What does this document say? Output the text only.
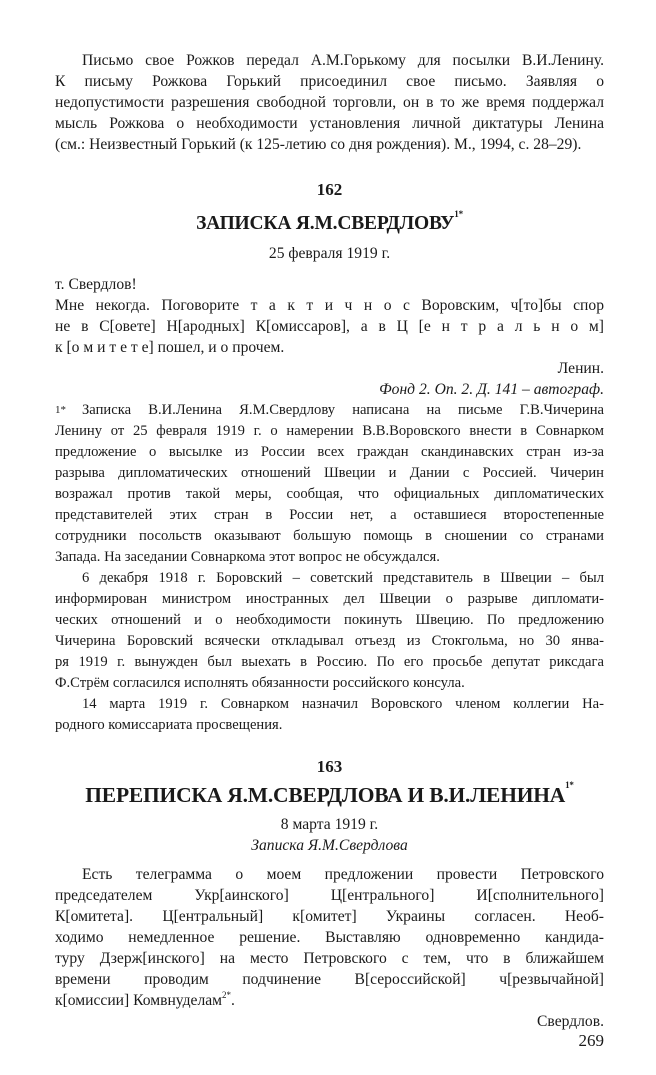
Письмо свое Рожков передал А.М.Горькому для посылки В.И.Ленину.
К письму Рожкова Горький присоединил свое письмо. Заявляя о
недопустимости разрешения свободной торговли, он в то же время поддержал
мысль Рожкова о необходимости установления личной диктатуры Ленина
(см.: Неизвестный Горький (к 125-летию со дня рождения). М., 1994, с. 28–29).
162
ЗАПИСКА $Я.М.СВЕРДЛОВУ^{1*}$
25 февраля 1919 г.
т. Свердлов!
Мне некогда. Поговорите т а к т и ч н о с Воровским, ч[то]бы спор
не в С[овете] Н[ародных] К[омиссаров], а в Ц [е н т р а л ь н о м]
к [о м и т е т е] пошел, и о прочем.
Ленин.
Фонд 2. Оп. 2. Д. 141 – автограф.
1*	Записка В.И.Ленина Я.М.Свердлову написана на письме Г.В.Чичерина
Ленину от 25 февраля 1919 г. о намерении В.В.Воровского внести в Совнарком
предложение о высылке из России всех граждан скандинавских стран из-за
разрыва дипломатических отношений Швеции и Дании с Россией. Чичерин
возражал против такой меры, сообщая, что официальных дипломатических
представителей этих стран в России нет, а оставшиеся второстепенные
сотрудники посольств оказывают большую помощь в сношении со странами
Запада. На заседании Совнаркома этот вопрос не обсуждался.
6 декабря 1918 г. Боровский – советский представитель в Швеции – был
информирован министром иностранных дел Швеции о разрыве дипломати-
ческих отношений и о необходимости покинуть Швецию. По предложению
Чичерина Боровский всячески откладывал отъезд из Стокгольма, но 30 янва-
ря 1919 г. вынужден был выехать в Россию. По его просьбе депутат риксдага
Ф.Стрём согласился исполнять обязанности российского консула.
14 марта 1919 г. Совнарком назначил Воровского членом коллегии На-
родного комиссариата просвещения.
163
ПЕРЕПИСКА Я.М.СВЕРДЛОВА И $В.И.ЛЕНИНА^{1*}$
8 марта 1919 г.
Записка Я.М.Свердлова
Есть телеграмма о моем предложении провести Петровского
председателем Укр[аинского] Ц[ентрального] И[сполнительного]
К[омитета]. Ц[ентральный] к[омитет] Украины согласен. Необ-
ходимо немедленное решение. Выставляю одновременно кандида-
туру Дзерж[инского] на место Петровского с тем, что в ближайшем
времени проводим подчинение В[сероссийской] ч[резвычайной]
к[омиссии] Комвнуделам$^{2*}$.
Свердлов.
269
